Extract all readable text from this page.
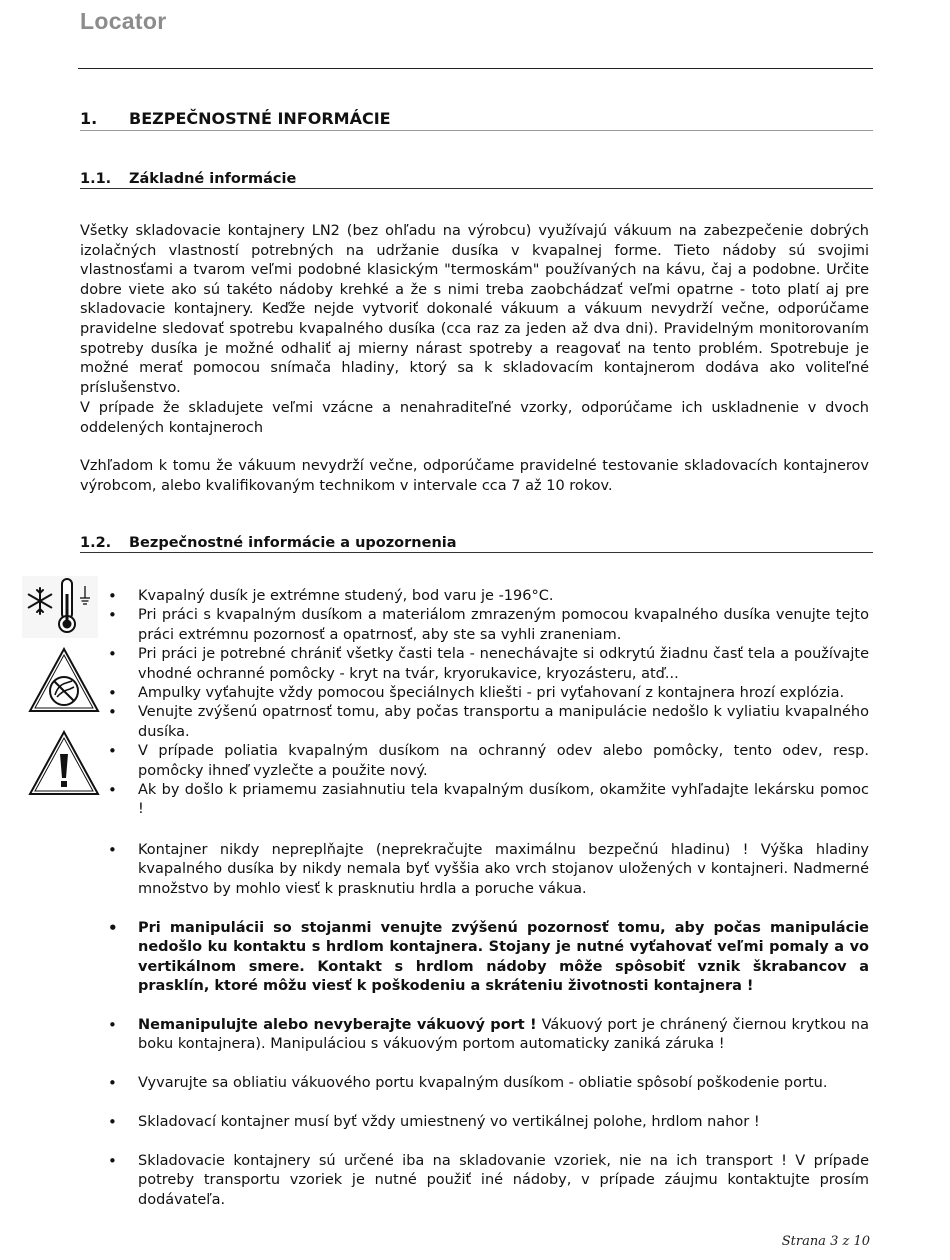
Locator
1. BEZPEČNOSTNÉ INFORMÁCIE
1.1. Základné informácie

Všetky skladovacie kontajnery LN2 (bez ohľadu na výrobcu) využívajú vákuum na zabezpečenie dobrých izolačných vlastností potrebných na udržanie dusíka v kvapalnej forme. Tieto nádoby sú svojimi vlastnosťami a tvarom veľmi podobné klasickým "termoskám" používaných na kávu, čaj a podobne. Určite dobre viete ako sú takéto nádoby krehké a že s nimi treba zaobchádzať veľmi opatrne - toto platí aj pre skladovacie kontajnery. Keďže nejde vytvoriť dokonalé vákuum a vákuum nevydrží večne, odporúčame pravidelne sledovať spotrebu kvapalného dusíka (cca raz za jeden až dva dni). Pravidelným monitorovaním spotreby dusíka je možné odhaliť aj mierny nárast spotreby a reagovať na tento problém. Spotrebuje je možné merať pomocou snímača hladiny, ktorý sa k skladovacím kontajnerom dodáva ako voliteľné príslušenstvo.

V prípade že skladujete veľmi vzácne a nenahraditeľné vzorky, odporúčame ich uskladnenie v dvoch oddelených kontajneroch

Vzhľadom k tomu že vákuum nevydrží večne, odporúčame pravidelné testovanie skladovacích kontajnerov výrobcom, alebo kvalifikovaným technikom v intervale cca 7 až 10 rokov.

1.2. Bezpečnostné informácie a upozornenia
• Kvapalný dusík je extrémne studený, bod varu je -196°C.
• Pri práci s kvapalným dusíkom a materiálom zmrazeným pomocou kvapalného dusíka venujte tejto práci extrémnu pozornosť a opatrnosť, aby ste sa vyhli zraneniam.
• Pri práci je potrebné chrániť všetky časti tela - nenechávajte si odkrytú žiadnu časť tela a používajte vhodné ochranné pomôcky - kryt na tvár, kryorukavice, kryozásteru, atď...
• Ampulky vyťahujte vždy pomocou špeciálnych kliešti - pri vyťahovaní z kontajnera hrozí explózia.
• Venujte zvýšenú opatrnosť tomu, aby počas transportu a manipulácie nedošlo k vyliatiu kvapalného dusíka.
• V prípade poliatia kvapalným dusíkom na ochranný odev alebo pomôcky, tento odev, resp. pomôcky ihneď vyzlečte a použite nový.
• Ak by došlo k priamemu zasiahnutiu tela kvapalným dusíkom, okamžite vyhľadajte lekársku pomoc !
• Kontajner nikdy nepreplňajte (neprekračujte maximálnu bezpečnú hladinu) ! Výška hladiny kvapalného dusíka by nikdy nemala byť vyššia ako vrch stojanov uložených v kontajneri. Nadmerné množstvo by mohlo viesť k prasknutiu hrdla a poruche vákua.
• Pri manipulácii so stojanmi venujte zvýšenú pozornosť tomu, aby počas manipulácie nedošlo ku kontaktu s hrdlom kontajnera. Stojany je nutné vyťahovať veľmi pomaly a vo vertikálnom smere. Kontakt s hrdlom nádoby môže spôsobiť vznik škrabancov a prasklín, ktoré môžu viesť k poškodeniu a skráteniu životnosti kontajnera !
• Nemanipulujte alebo nevyberajte vákuový port ! Vákuový port je chránený čiernou krytkou na boku kontajnera). Manipuláciou s vákuovým portom automaticky zaniká záruka !
• Vyvarujte sa obliatiu vákuového portu kvapalným dusíkom - obliatie spôsobí poškodenie portu.
• Skladovací kontajner musí byť vždy umiestnený vo vertikálnej polohe, hrdlom nahor !
• Skladovacie kontajnery sú určené iba na skladovanie vzoriek, nie na ich transport ! V prípade potreby transportu vzoriek je nutné použiť iné nádoby, v prípade záujmu kontaktujte prosím dodávateľa.
Strana 3 z 10
